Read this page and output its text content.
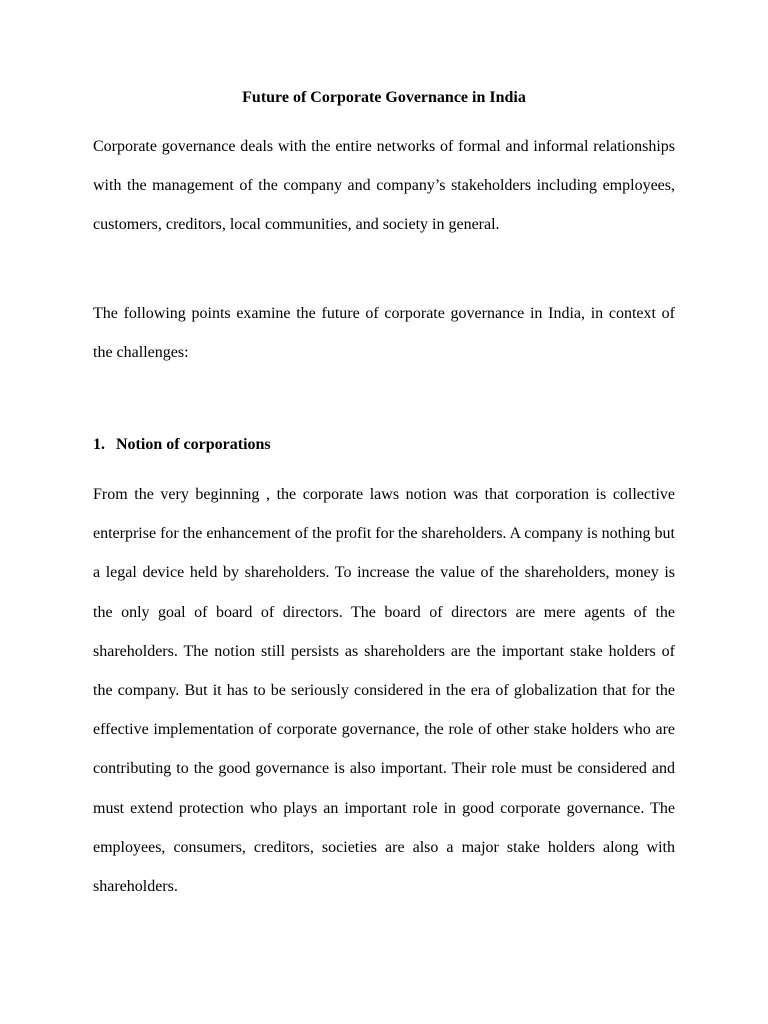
Future of Corporate Governance in India

Corporate governance deals with the entire networks of formal and informal relationships with the management of the company and company’s stakeholders including employees, customers, creditors, local communities, and society in general.

The following points examine the future of corporate governance in India, in context of the challenges:

1. Notion of corporations

From the very beginning , the corporate laws notion was that corporation is collective enterprise for the enhancement of the profit for the shareholders. A company is nothing but a legal device held by shareholders. To increase the value of the shareholders, money is the only goal of board of directors. The board of directors are mere agents of the shareholders. The notion still persists as shareholders are the important stake holders of the company. But it has to be seriously considered in the era of globalization that for the effective implementation of corporate governance, the role of other stake holders who are contributing to the good governance is also important. Their role must be considered and must extend protection who plays an important role in good corporate governance. The employees, consumers, creditors, societies are also a major stake holders along with shareholders.
